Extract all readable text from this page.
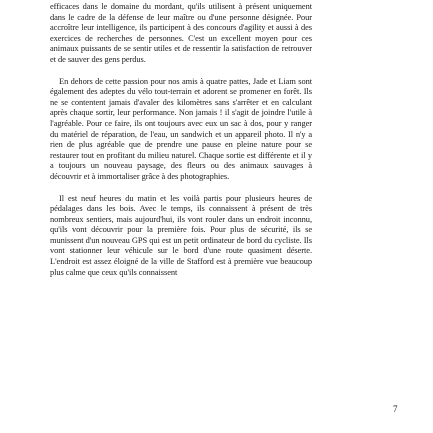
efficaces dans le domaine du mordant, qu'ils utilisent à présent uniquement dans le cadre de la défense de leur maître ou d'une personne désignée. Pour accroître leur intelligence, ils participent à des concours d'agility et aussi à des exercices de recherches de personnes. C'est un excellent moyen pour ces animaux puissants de se sentir utiles et de ressentir la satisfaction de retrouver et de sauver des gens perdus.

En dehors de cette passion pour nos amis à quatre pattes, Jade et Liam sont également des adeptes du vélo tout-terrain et adorent se promener en forêt. Ils ne se contentent jamais d'avaler des kilomètres sans s'arrêter et en calculant après chaque sortir, leur performance. Non jamais ! il s'agit de joindre l'utile à l'agréable. Pour ce faire, ils ont toujours avec eux un sac à dos, pour y ranger du matériel de réparation, de l'eau, un sandwich et un appareil photo. Il n'y a rien de plus agréable que de prendre une pause en pleine nature pour se restaurer tout en profitant du milieu naturel. Chaque sortie est différente et il y a toujours un nouveau paysage, des fleurs ou des animaux sauvages à découvrir et à immortaliser grâce à des photographies.

Il est neuf heures du matin et les voilà partis pour plusieurs heures de pédalages dans les bois. Avec le temps, ils connaissent à présent de très nombreux sentiers, mais aujourd'hui, ils vont rouler dans un endroit inconnu, qu'ils vont découvrir pour la première fois. Pour plus de sécurité, ils se munissent d'un nouveau GPS qui est un petit ordinateur de bord du cycliste. Ils vont stationner leur véhicule sur le bord d'une route quasiment déserte. L'endroit est assez éloigné de la ville de Stafford est à première vue beaucoup plus calme que ceux qu'ils connaissent

7
